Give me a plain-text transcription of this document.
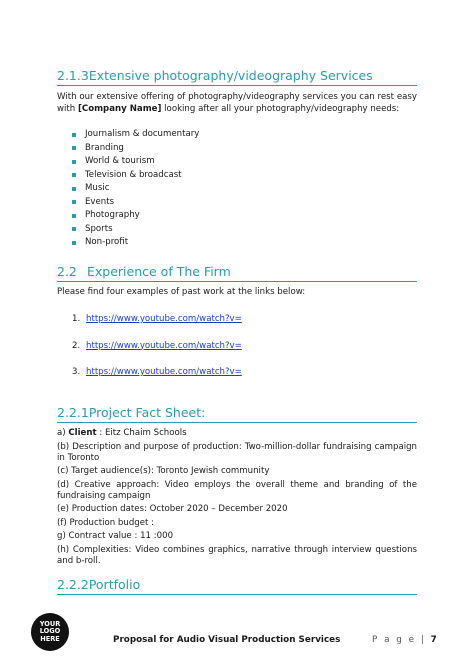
2.1.3Extensive photography/videography Services

With our extensive offering of photography/videography services you can rest easy with [Company Name] looking after all your photography/videography needs:

Journalism & documentary
Branding
World & tourism
Television & broadcast
Music
Events
Photography
Sports
Non-profit
2.2 Experience of The Firm

Please find four examples of past work at the links below:

1. https://www.youtube.com/watch?v=
2. https://www.youtube.com/watch?v=
3. https://www.youtube.com/watch?v=
2.2.1Project Fact Sheet:

a) Client : Eitz Chaim Schools

(b) Description and purpose of production: Two-million-dollar fundraising campaign in Toronto

(c) Target audience(s): Toronto Jewish community

(d) Creative approach: Video employs the overall theme and branding of the fundraising campaign

(e) Production dates: October 2020 – December 2020

(f) Production budget :

g) Contract value : 11 :000

(h) Complexities: Video combines graphics, narrative through interview questions and b-roll.

2.2.2Portfolio
YOUR
LOGO
HERE	Proposal for Audio Visual Production Services	P a g e | 7
